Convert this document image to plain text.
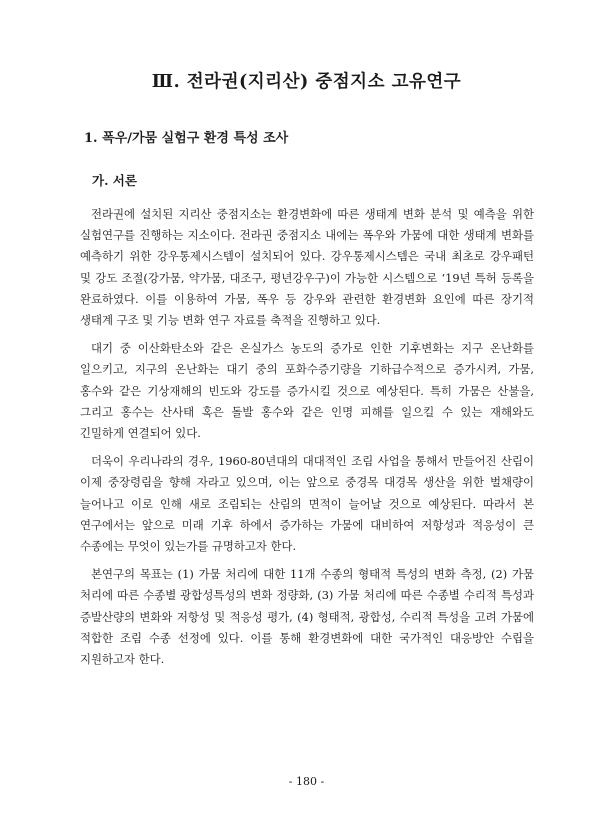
Ⅲ. 전라권(지리산) 중점지소 고유연구
1. 폭우/가뭄 실험구 환경 특성 조사
가. 서론

전라권에 설치된 지리산 중점지소는 환경변화에 따른 생태계 변화 분석 및 예측을 위한 실험연구를 진행하는 지소이다. 전라권 중점지소 내에는 폭우와 가뭄에 대한 생태계 변화를 예측하기 위한 강우통제시스템이 설치되어 있다. 강우통제시스템은 국내 최초로 강우패턴 및 강도 조절(강가뭄, 약가뭄, 대조구, 평년강우구)이 가능한 시스템으로 ‘19년 특허 등록을 완료하였다. 이를 이용하여 가뭄, 폭우 등 강우와 관련한 환경변화 요인에 따른 장기적 생태계 구조 및 기능 변화 연구 자료를 축적을 진행하고 있다.

대기 중 이산화탄소와 같은 온실가스 농도의 증가로 인한 기후변화는 지구 온난화를 일으키고, 지구의 온난화는 대기 중의 포화수증기량을 기하급수적으로 증가시켜, 가뭄, 홍수와 같은 기상재해의 빈도와 강도를 증가시킬 것으로 예상된다. 특히 가뭄은 산불을, 그리고 홍수는 산사태 혹은 돌발 홍수와 같은 인명 피해를 일으킬 수 있는 재해와도 긴밀하게 연결되어 있다.

더욱이 우리나라의 경우, 1960-80년대의 대대적인 조림 사업을 통해서 만들어진 산림이 이제 중장령림을 향해 자라고 있으며, 이는 앞으로 중경목 대경목 생산을 위한 벌채량이 늘어나고 이로 인해 새로 조림되는 산림의 면적이 늘어날 것으로 예상된다. 따라서 본 연구에서는 앞으로 미래 기후 하에서 증가하는 가뭄에 대비하여 저항성과 적응성이 큰 수종에는 무엇이 있는가를 규명하고자 한다.

본연구의 목표는 (1) 가뭄 처리에 대한 11개 수종의 형태적 특성의 변화 측정, (2) 가뭄 처리에 따른 수종별 광합성특성의 변화 정량화, (3) 가뭄 처리에 따른 수종별 수리적 특성과 증발산량의 변화와 저항성 및 적응성 평가, (4) 형태적, 광합성, 수리적 특성을 고려 가뭄에 적합한 조림 수종 선정에 있다. 이를 통해 환경변화에 대한 국가적인 대응방안 수립을 지원하고자 한다.

- 180 -
